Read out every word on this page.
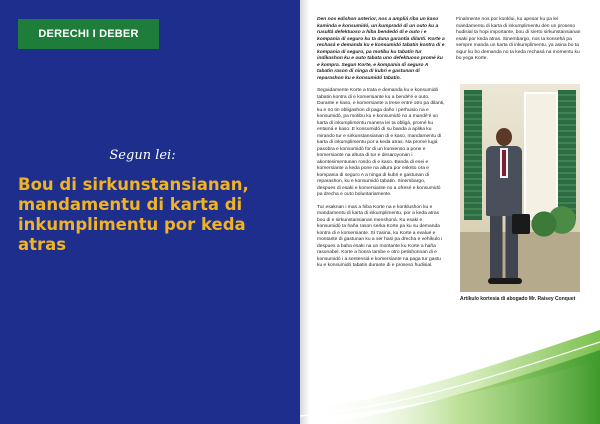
DERECHI I DEBER
Segun lei:
Bou di sirkunstansianan, mandamentu di karta di inkumplimentu por keda atras

Den nos edishon anterior, nos a ampliá riba un kaso kaminda e konsumidó, un kumpradó di un outo ku a rusultá defektuoso a hiba bendedó di e outo i e kompania di seguro ku ta duna garantia dilanti. Korte a rechasá e demanda ku e konsumidó tabatin kontra di e kompania di seguro, pa motibu ku tabatin tur indikashon ku e outo tabata uno defektuoso promé ku e kompra. Segun Korte, e kompania di seguro A tabatin rason di ninga di kubri e gastunan di reparashon ku e konsumidó tabatin.

Seguidamente Korte a trata e demanda ku e konsumidó tabatin kontra di e komersiante ku a bendé'é e outo. Durante e kaso, e komersiante a trese entre otro pa dilanti, ku e no tin obligashon di paga daño i perhuisio na e konsumidó, pa motibu ku e konsumidó no a mandé'é un karta di inkumplimentu manera lei ta obligá, promé ku entamá e kaso. E konsumidó di su banda a aplika ku mirando tur e sirkunstansianan di e kaso, mandamentu di karta di inkumplimentu por a keda atras. Na promé lugá pasobra e konsumidó for di un kumienso a pone e komersiante na altura di tur e desaroyonan i akontesimentunan rondo di e kaso. Banda di esei e komersiante a keda pone na altura por eskrito ora e kompania di seguro A a ninga di kubri e gastunan di reparashon, ku e konsumidó tabatin. Sinembargo, despues di esaki e komersiante no a ofresé e konsumidó pa drecha e outo boluntariamente.

Tur esaknan i mas a hiba Korte na e konklushon ku e mandamentu di karta di inkumplimentu, por a keda atras bou di e sirkunstansianan menshoná. Ku esaki e konsumidó ta haña rason serka Korte pa ku su demanda kontra di e komersiante. Sí t'asina, ku Korte a evalué e montante di gastunan ku a ser hasi pa drecha e vehíkulo i despues a baha esaki na un montante ku Korte a haña rasonabel. Korte a honra tambe e otro petishonnan di e konsumidó i a sentensiá e komersiante na paga tur gastu ku e konsumidó tabatin durante di e proseso hudisial.

Finalmente nos por konklui, ku apesar ku pa lei mandamentu di karta di inkumplimentu den un proseso hudisial ta hopi importante, bou di sierto sirkunstansianan esaki por keda atras. Sinembargo, nos ta konsehá pa sempre manda un karta di inkumplimentu, ya asina bo ta sigur ku bo demanda no ta keda rechasá na momentu ku bo yega Korte.

Artíkulo kortesia di abogado Mr. Raisey Conquet
